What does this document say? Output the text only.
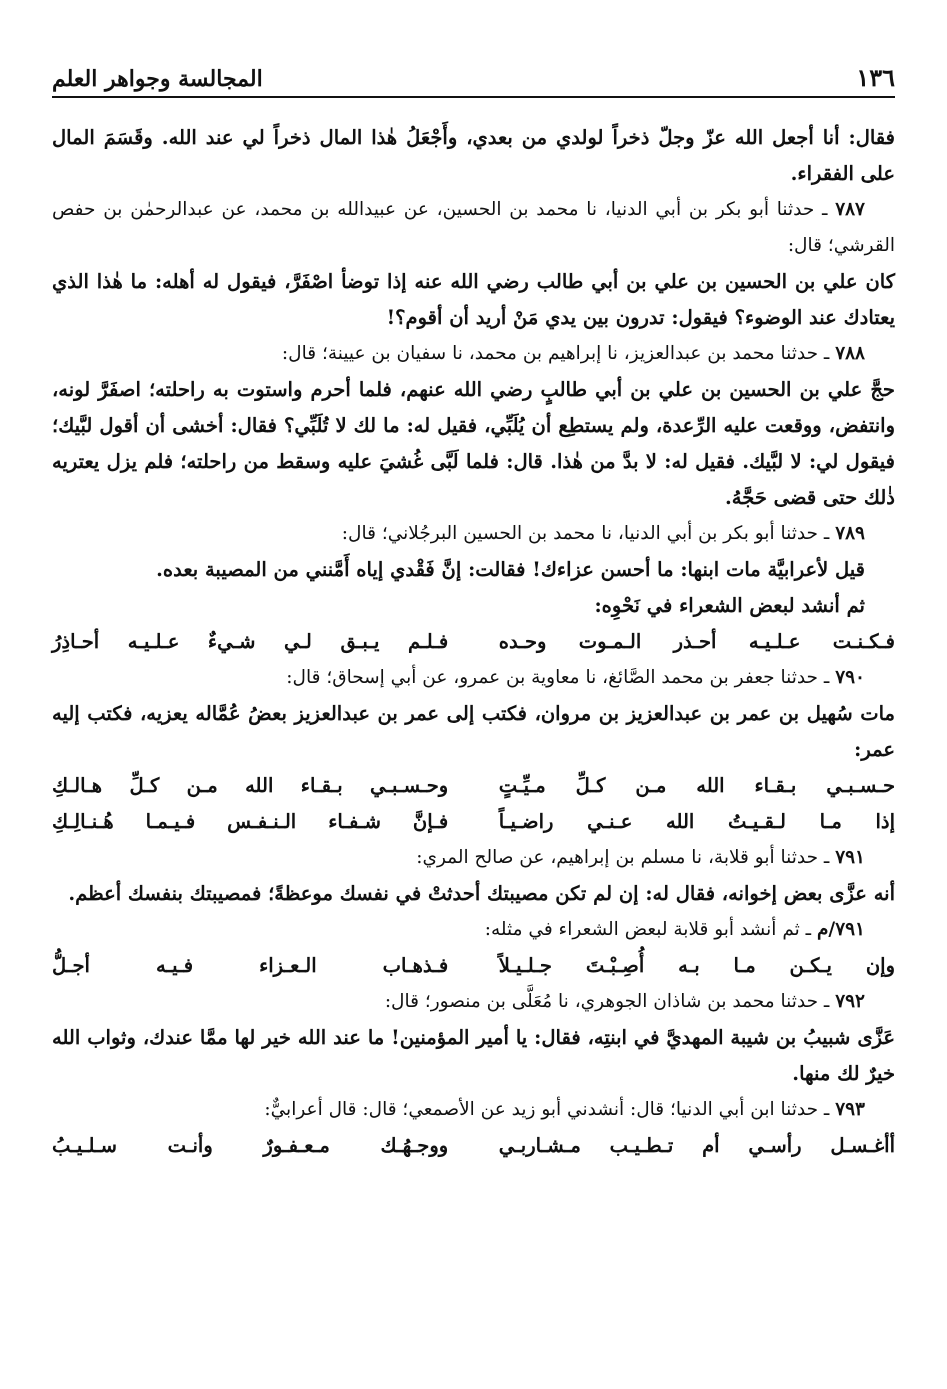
١٣٦
المجالسة وجواهر العلم

فقال: أنا أجعل الله عزّ وجلّ ذخراً لولدي من بعدي، وأَجْعَلُ هٰذا المال ذخراً لي عند الله. وقَسَمَ المال على الفقراء.

٧٨٧ ـ حدثنا أبو بكر بن أبي الدنيا، نا محمد بن الحسين، عن عبيدالله بن محمد، عن عبدالرحمٰن بن حفص القرشي؛ قال:

كان علي بن الحسين بن علي بن أبي طالب رضي الله عنه إذا توضأ اصْفَرَّ، فيقول له أهله: ما هٰذا الذي يعتادك عند الوضوء؟ فيقول: تدرون بين يدي مَنْ أريد أن أقوم؟!

٧٨٨ ـ حدثنا محمد بن عبدالعزيز، نا إبراهيم بن محمد، نا سفيان بن عيينة؛ قال:

حجَّ علي بن الحسين بن علي بن أبي طالبٍ رضي الله عنهم، فلما أحرم واستوت به راحلته؛ اصفَرَّ لونه، وانتفض، ووقعت عليه الرِّعدة، ولم يستطِع أن يُلَبِّي، فقيل له: ما لك لا تُلَبِّي؟ فقال: أخشى أن أقول لبَّيك؛ فيقول لي: لا لبَّيك. فقيل له: لا بدَّ من هٰذا. قال: فلما لَبَّى غُشيَ عليه وسقط من راحلته؛ فلم يزل يعتريه ذٰلك حتى قضى حَجَّهُ.

٧٨٩ ـ حدثنا أبو بكر بن أبي الدنيا، نا محمد بن الحسين البرجُلاني؛ قال:

قيل لأعرابيَّة مات ابنها: ما أحسن عزاءك! فقالت: إنَّ فَقْدي إياه أَمَّنني من المصيبة بعده.

ثم أنشد لبعض الشعراء في نَحْوِه:

فـكـنـت عـلـيـه أحـذر الـمـوت وحـده
فـلـم يـبـق لـي شـيءٌ عـلـيـه أحـاذِرُ

٧٩٠ ـ حدثنا جعفر بن محمد الصَّائغ، نا معاوية بن عمرو، عن أبي إسحاق؛ قال:

مات سُهيل بن عمر بن عبدالعزيز بن مروان، فكتب إلى عمر بن عبدالعزيز بعضُ عُمَّاله يعزيه، فكتب إليه عمر:

حـسـبـي بـقـاء الله مـن كـلِّ مـيِّـتٍ
وحـسـبـي بـقـاء الله مـن كـلِّ هـالـكِ
إذا مـا لـقـيـتُ الله عـنـي راضـيـاً
فـإنَّ شـفـاء الـنـفـس فـيـمـا هُـنـالِـكِ

٧٩١ ـ حدثنا أبو قلابة، نا مسلم بن إبراهيم، عن صالح المري:

أنه عزَّى بعض إخوانه، فقال له: إن لم تكن مصيبتك أحدثتْ في نفسك موعظةً؛ فمصيبتك بنفسك أعظم.

٧٩١/م ـ ثم أنشد أبو قلابة لبعض الشعراء في مثله:

وإن يـكـن مـا بـه أُصِـبْـتَ جـلـيـلاً
فـذهـاب الـعـزاء فـيـه أجـلُّ

٧٩٢ ـ حدثنا محمد بن شاذان الجوهري، نا مُعَلَّى بن منصور؛ قال:

عَزَّى شبيبُ بن شيبة المهديَّ في ابنتِه، فقال: يا أمير المؤمنين! ما عند الله خير لها ممَّا عندك، وثواب الله خيرٌ لك منها.

٧٩٣ ـ حدثنا ابن أبي الدنيا؛ قال: أنشدني أبو زيد عن الأصمعي؛ قال: قال أعرابيٌّ:

أأغـسـل رأسـي أم تـطـيـب مـشـاربـي
ووجـهُـك مـعـفـورٌ وأنـت سـلـيـبُ
